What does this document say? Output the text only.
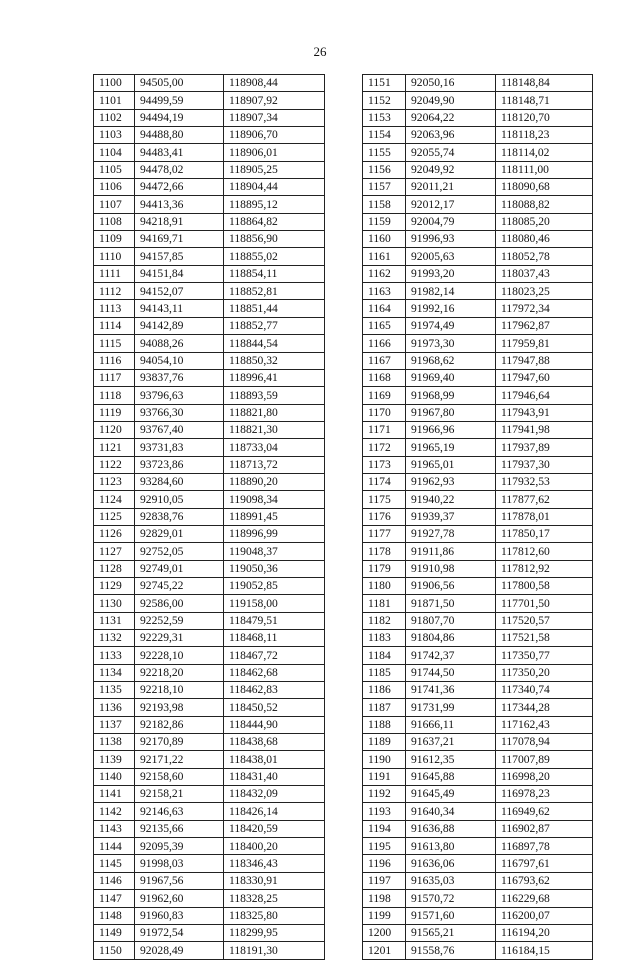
26
1100	94505,00	118908,44
1101	94499,59	118907,92
1102	94494,19	118907,34
1103	94488,80	118906,70
1104	94483,41	118906,01
1105	94478,02	118905,25
1106	94472,66	118904,44
1107	94413,36	118895,12
1108	94218,91	118864,82
1109	94169,71	118856,90
1110	94157,85	118855,02
1111	94151,84	118854,11
1112	94152,07	118852,81
1113	94143,11	118851,44
1114	94142,89	118852,77
1115	94088,26	118844,54
1116	94054,10	118850,32
1117	93837,76	118996,41
1118	93796,63	118893,59
1119	93766,30	118821,80
1120	93767,40	118821,30
1121	93731,83	118733,04
1122	93723,86	118713,72
1123	93284,60	118890,20
1124	92910,05	119098,34
1125	92838,76	118991,45
1126	92829,01	118996,99
1127	92752,05	119048,37
1128	92749,01	119050,36
1129	92745,22	119052,85
1130	92586,00	119158,00
1131	92252,59	118479,51
1132	92229,31	118468,11
1133	92228,10	118467,72
1134	92218,20	118462,68
1135	92218,10	118462,83
1136	92193,98	118450,52
1137	92182,86	118444,90
1138	92170,89	118438,68
1139	92171,22	118438,01
1140	92158,60	118431,40
1141	92158,21	118432,09
1142	92146,63	118426,14
1143	92135,66	118420,59
1144	92095,39	118400,20
1145	91998,03	118346,43
1146	91967,56	118330,91
1147	91962,60	118328,25
1148	91960,83	118325,80
1149	91972,54	118299,95
1150	92028,49	118191,30
1151	92050,16	118148,84
1152	92049,90	118148,71
1153	92064,22	118120,70
1154	92063,96	118118,23
1155	92055,74	118114,02
1156	92049,92	118111,00
1157	92011,21	118090,68
1158	92012,17	118088,82
1159	92004,79	118085,20
1160	91996,93	118080,46
1161	92005,63	118052,78
1162	91993,20	118037,43
1163	91982,14	118023,25
1164	91992,16	117972,34
1165	91974,49	117962,87
1166	91973,30	117959,81
1167	91968,62	117947,88
1168	91969,40	117947,60
1169	91968,99	117946,64
1170	91967,80	117943,91
1171	91966,96	117941,98
1172	91965,19	117937,89
1173	91965,01	117937,30
1174	91962,93	117932,53
1175	91940,22	117877,62
1176	91939,37	117878,01
1177	91927,78	117850,17
1178	91911,86	117812,60
1179	91910,98	117812,92
1180	91906,56	117800,58
1181	91871,50	117701,50
1182	91807,70	117520,57
1183	91804,86	117521,58
1184	91742,37	117350,77
1185	91744,50	117350,20
1186	91741,36	117340,74
1187	91731,99	117344,28
1188	91666,11	117162,43
1189	91637,21	117078,94
1190	91612,35	117007,89
1191	91645,88	116998,20
1192	91645,49	116978,23
1193	91640,34	116949,62
1194	91636,88	116902,87
1195	91613,80	116897,78
1196	91636,06	116797,61
1197	91635,03	116793,62
1198	91570,72	116229,68
1199	91571,60	116200,07
1200	91565,21	116194,20
1201	91558,76	116184,15
